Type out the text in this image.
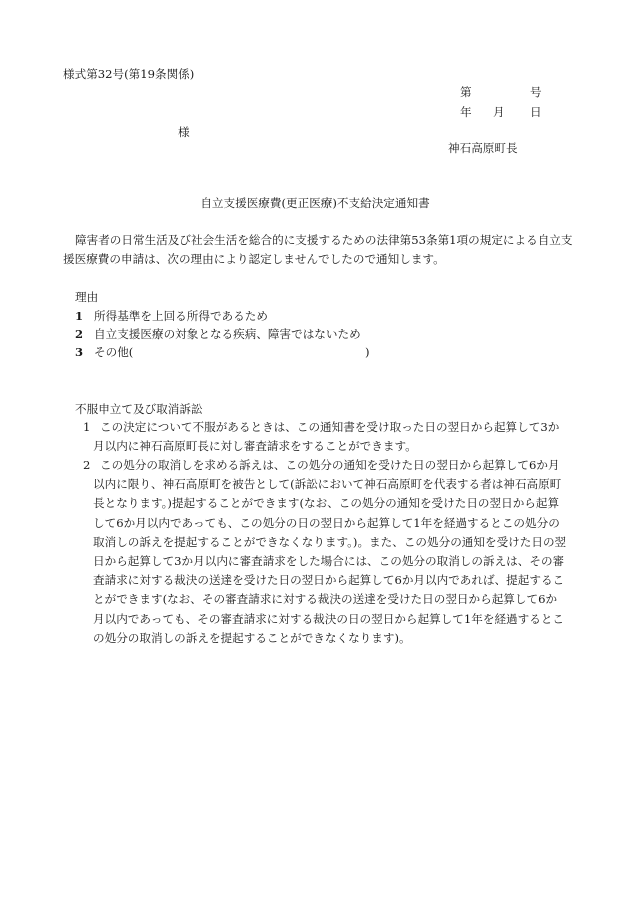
様式第32号(第19条関係)
第	号
年 月 日
様
神石高原町長
自立支援医療費(更正医療)不支給決定通知書
障害者の日常生活及び社会生活を総合的に支援するための法律第53条第1項の規定による自立支援医療費の申請は、次の理由により認定しませんでしたので通知します。
理由
1 所得基準を上回る所得であるため
2 自立支援医療の対象となる疾病、障害ではないため
3 その他(	)
不服申立て及び取消訴訟
1 この決定について不服があるときは、この通知書を受け取った日の翌日から起算して3か月以内に神石高原町長に対し審査請求をすることができます。
2 この処分の取消しを求める訴えは、この処分の通知を受けた日の翌日から起算して6か月以内に限り、神石高原町を被告として(訴訟において神石高原町を代表する者は神石高原町長となります。)提起することができます(なお、この処分の通知を受けた日の翌日から起算して6か月以内であっても、この処分の日の翌日から起算して1年を経過するとこの処分の取消しの訴えを提起することができなくなります。)。また、この処分の通知を受けた日の翌日から起算して3か月以内に審査請求をした場合には、この処分の取消しの訴えは、その審査請求に対する裁決の送達を受けた日の翌日から起算して6か月以内であれば、提起することができます(なお、その審査請求に対する裁決の送達を受けた日の翌日から起算して6か月以内であっても、その審査請求に対する裁決の日の翌日から起算して1年を経過するとこの処分の取消しの訴えを提起することができなくなります)。
